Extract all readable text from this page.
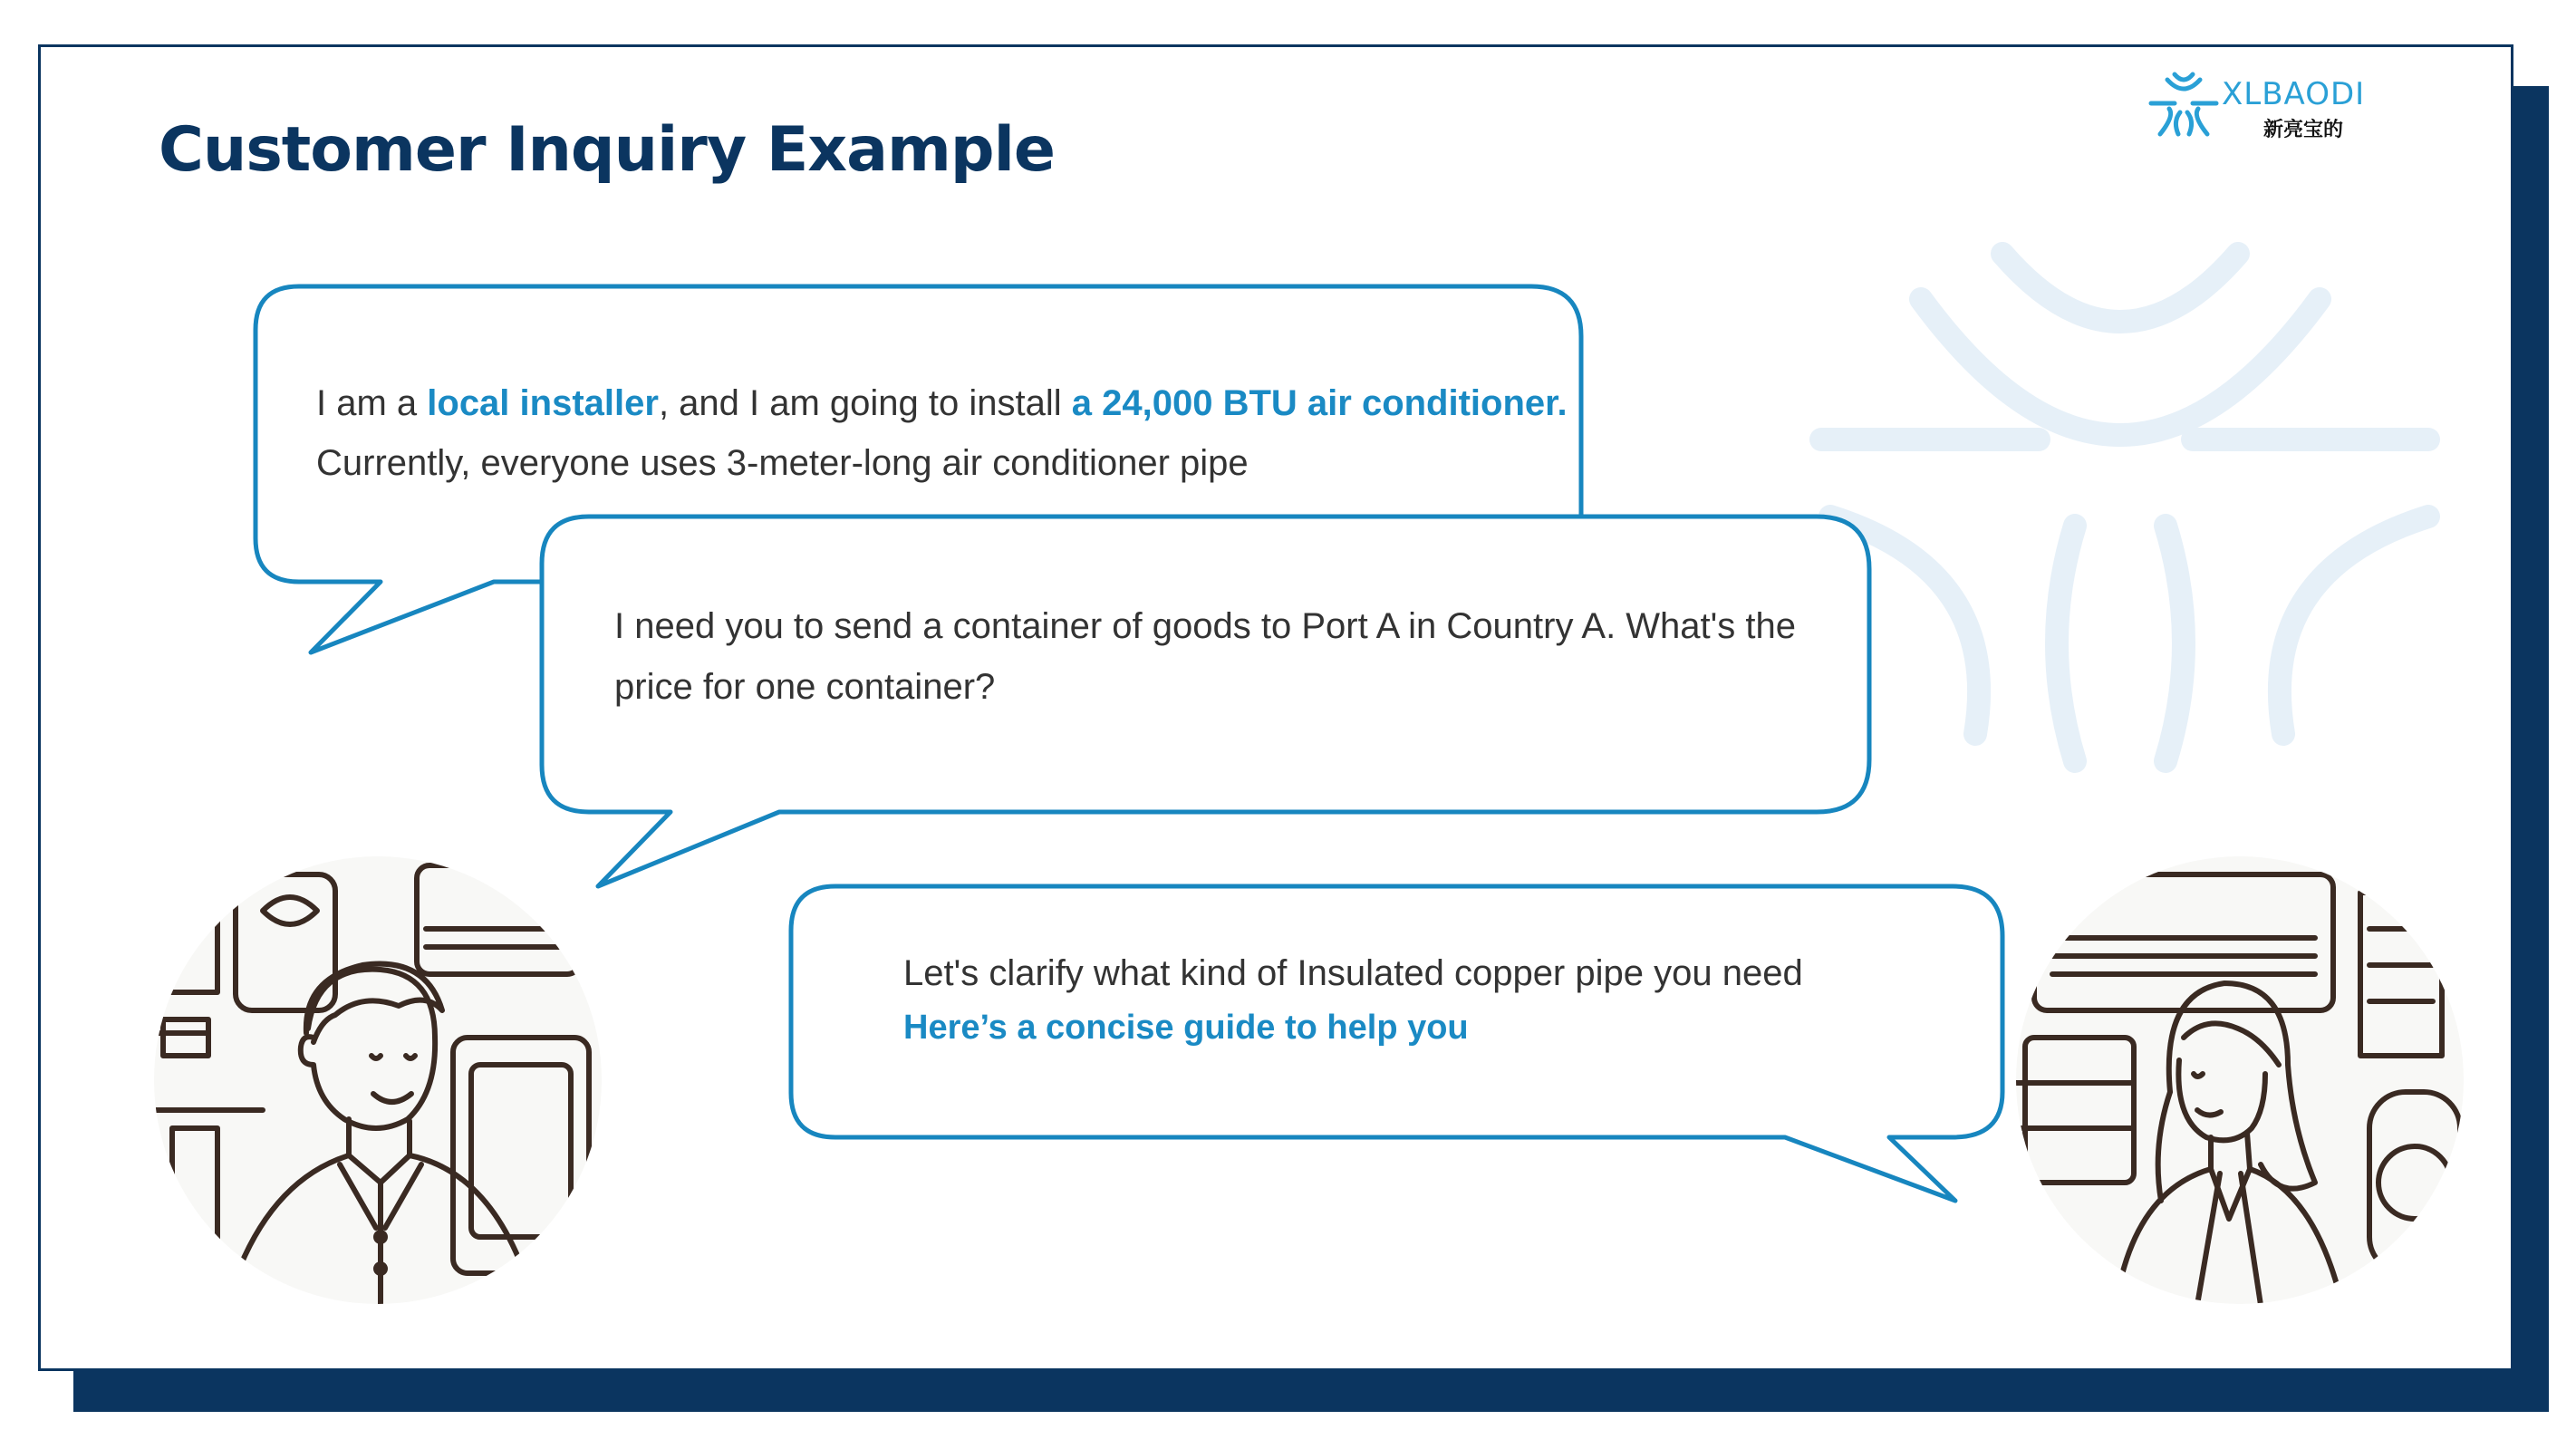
Customer Inquiry Example
XLBAODI
新亮宝的

I am a local installer, and I am going to install a 24,000 BTU air conditioner.

Currently, everyone uses 3-meter-long air conditioner pipe

I need you to send a container of goods to Port A in Country A. What's the

price for one container?

Let's clarify what kind of Insulated copper pipe you need

Here’s a concise guide to help you
